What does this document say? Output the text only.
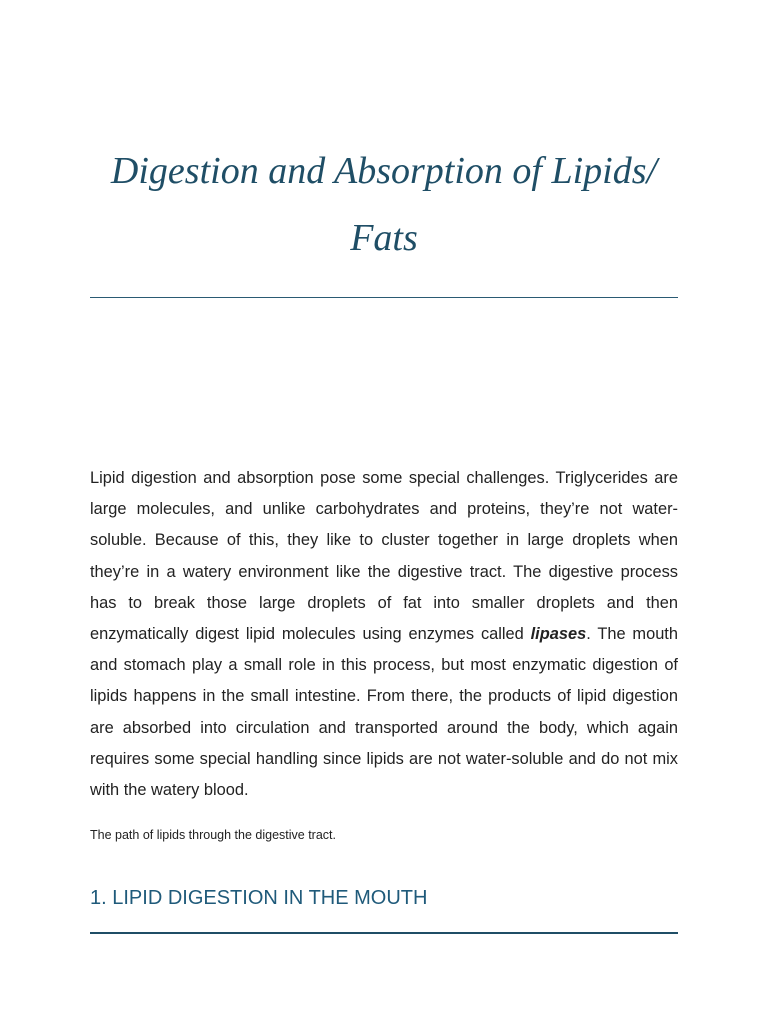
Digestion and Absorption of Lipids/
Fats

Lipid digestion and absorption pose some special challenges. Triglycerides are large molecules, and unlike carbohydrates and proteins, they’re not water-soluble. Because of this, they like to cluster together in large droplets when they’re in a watery environment like the digestive tract. The digestive process has to break those large droplets of fat into smaller droplets and then enzymatically digest lipid molecules using enzymes called lipases. The mouth and stomach play a small role in this process, but most enzymatic digestion of lipids happens in the small intestine. From there, the products of lipid digestion are absorbed into circulation and transported around the body, which again requires some special handling since lipids are not water-soluble and do not mix with the watery blood.

The path of lipids through the digestive tract.

1. LIPID DIGESTION IN THE MOUTH
